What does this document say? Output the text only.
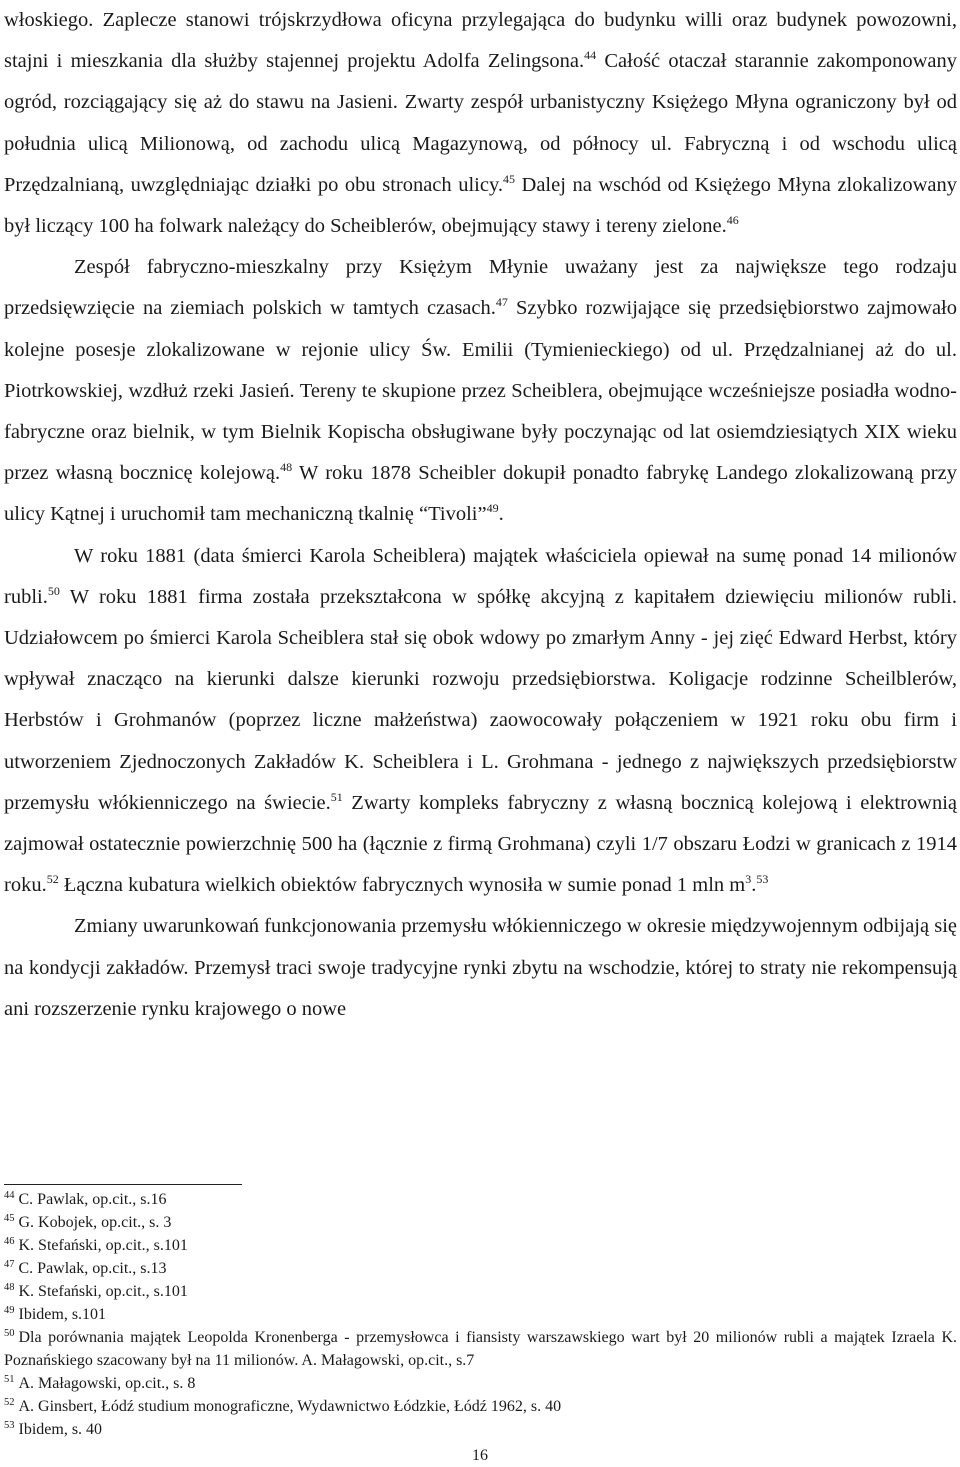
włoskiego. Zaplecze stanowi trójskrzydłowa oficyna przylegająca do budynku willi oraz budynek powozowni, stajni i mieszkania dla służby stajennej projektu Adolfa Zelingsona.$^{44}$ Całość otaczał starannie zakomponowany ogród, rozciągający się aż do stawu na Jasieni. Zwarty zespół urbanistyczny Księżego Młyna ograniczony był od południa ulicą Milionową, od zachodu ulicą Magazynową, od północy ul. Fabryczną i od wschodu ulicą Przędzalnianą, uwzględniając działki po obu stronach ulicy.$^{45}$ Dalej na wschód od Księżego Młyna zlokalizowany był liczący 100 ha folwark należący do Scheiblerów, obejmujący stawy i tereny zielone.$^{46}$

Zespół fabryczno-mieszkalny przy Księżym Młynie uważany jest za największe tego rodzaju przedsięwzięcie na ziemiach polskich w tamtych czasach.$^{47}$ Szybko rozwijające się przedsiębiorstwo zajmowało kolejne posesje zlokalizowane w rejonie ulicy Św. Emilii (Tymienieckiego) od ul. Przędzalnianej aż do ul. Piotrkowskiej, wzdłuż rzeki Jasień. Tereny te skupione przez Scheiblera, obejmujące wcześniejsze posiadła wodno-fabryczne oraz bielnik, w tym Bielnik Kopischa obsługiwane były poczynając od lat osiemdziesiątych XIX wieku przez własną bocznicę kolejową.$^{48}$ W roku 1878 Scheibler dokupił ponadto fabrykę Landego zlokalizowaną przy ulicy Kątnej i uruchomił tam mechaniczną tkalnię “Tivoli”$^{49}$.

W roku 1881 (data śmierci Karola Scheiblera) majątek właściciela opiewał na sumę ponad 14 milionów rubli.$^{50}$ W roku 1881 firma została przekształcona w spółkę akcyjną z kapitałem dziewięciu milionów rubli. Udziałowcem po śmierci Karola Scheiblera stał się obok wdowy po zmarłym Anny - jej zięć Edward Herbst, który wpływał znacząco na kierunki dalsze kierunki rozwoju przedsiębiorstwa. Koligacje rodzinne Scheilblerów, Herbstów i Grohmanów (poprzez liczne małżeństwa) zaowocowały połączeniem w 1921 roku obu firm i utworzeniem Zjednoczonych Zakładów K. Scheiblera i L. Grohmana - jednego z największych przedsiębiorstw przemysłu włókienniczego na świecie.$^{51}$ Zwarty kompleks fabryczny z własną bocznicą kolejową i elektrownią zajmował ostatecznie powierzchnię 500 ha (łącznie z firmą Grohmana) czyli 1/7 obszaru Łodzi w granicach z 1914 roku.$^{52}$ Łączna kubatura wielkich obiektów fabrycznych wynosiła w sumie ponad 1 mln $m^3.^{53}$

Zmiany uwarunkowań funkcjonowania przemysłu włókienniczego w okresie międzywojennym odbijają się na kondycji zakładów. Przemysł traci swoje tradycyjne rynki zbytu na wschodzie, której to straty nie rekompensują ani rozszerzenie rynku krajowego o nowe

$^{44}$ C. Pawlak, op.cit., s.16

$^{45}$ G. Kobojek, op.cit., s. 3

$^{46}$ K. Stefański, op.cit., s.101

$^{47}$ C. Pawlak, op.cit., s.13

$^{48}$ K. Stefański, op.cit., s.101

$^{49}$ Ibidem, s.101

$^{50}$ Dla porównania majątek Leopolda Kronenberga - przemysłowca i fiansisty warszawskiego wart był 20 milionów rubli a majątek Izraela K. Poznańskiego szacowany był na 11 milionów. A. Małagowski, op.cit., s.7

$^{51}$ A. Małagowski, op.cit., s. 8

$^{52}$ A. Ginsbert, Łódź studium monograficzne, Wydawnictwo Łódzkie, Łódź 1962, s. 40

$^{53}$ Ibidem, s. 40

16
